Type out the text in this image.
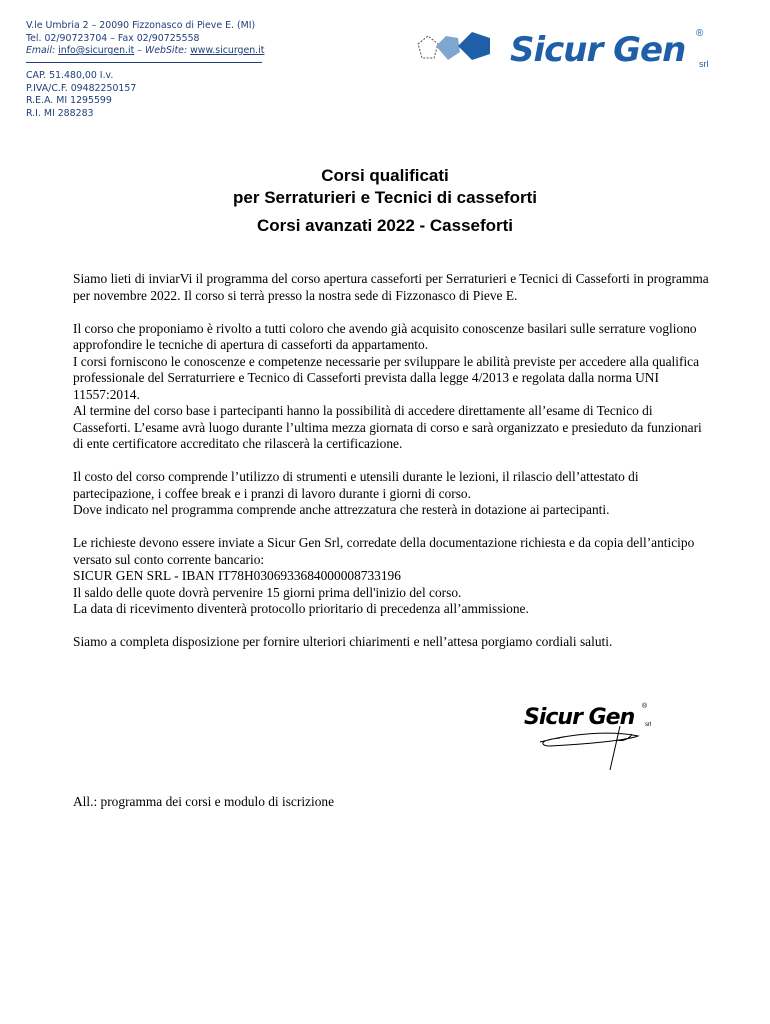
V.le Umbria 2 – 20090 Fizzonasco di Pieve E. (MI)
Tel. 02/90723704 – Fax 02/90725558
Email: info@sicurgen.it – WebSite: www.sicurgen.it
CAP. 51.480,00 I.v.
P.IVA/C.F. 09482250157
R.E.A. MI 1295599
R.I. MI 288283
Sicur Gen srl
®
Corsi qualificati
per Serraturieri e Tecnici di casseforti
Corsi avanzati 2022 - Casseforti

Siamo lieti di inviarVi il programma del corso apertura casseforti per Serraturieri e Tecnici di Casseforti in programma per novembre 2022. Il corso si terrà presso la nostra sede di Fizzonasco di Pieve E.

Il corso che proponiamo è rivolto a tutti coloro che avendo già acquisito conoscenze basilari sulle serrature vogliono approfondire le tecniche di apertura di casseforti da appartamento.
I corsi forniscono le conoscenze e competenze necessarie per sviluppare le abilità previste per accedere alla qualifica professionale del Serraturriere e Tecnico di Casseforti prevista dalla legge 4/2013 e regolata dalla norma UNI 11557:2014.
Al termine del corso base i partecipanti hanno la possibilità di accedere direttamente all’esame di Tecnico di Casseforti. L’esame avrà luogo durante l’ultima mezza giornata di corso e sarà organizzato e presieduto da funzionari di ente certificatore accreditato che rilascerà la certificazione.

Il costo del corso comprende l’utilizzo di strumenti e utensili durante le lezioni, il rilascio dell’attestato di partecipazione, i coffee break e i pranzi di lavoro durante i giorni di corso.
Dove indicato nel programma comprende anche attrezzatura che resterà in dotazione ai partecipanti.

Le richieste devono essere inviate a Sicur Gen Srl, corredate della documentazione richiesta e da copia dell’anticipo versato sul conto corrente bancario:
SICUR GEN SRL - IBAN IT78H0306933684000008733196
Il saldo delle quote dovrà pervenire 15 giorni prima dell'inizio del corso.
La data di ricevimento diventerà protocollo prioritario di precedenza all’ammissione.

Siamo a completa disposizione per fornire ulteriori chiarimenti e nell’attesa porgiamo cordiali saluti.

Sicur Gen srl
®
All.: programma dei corsi e modulo di iscrizione
